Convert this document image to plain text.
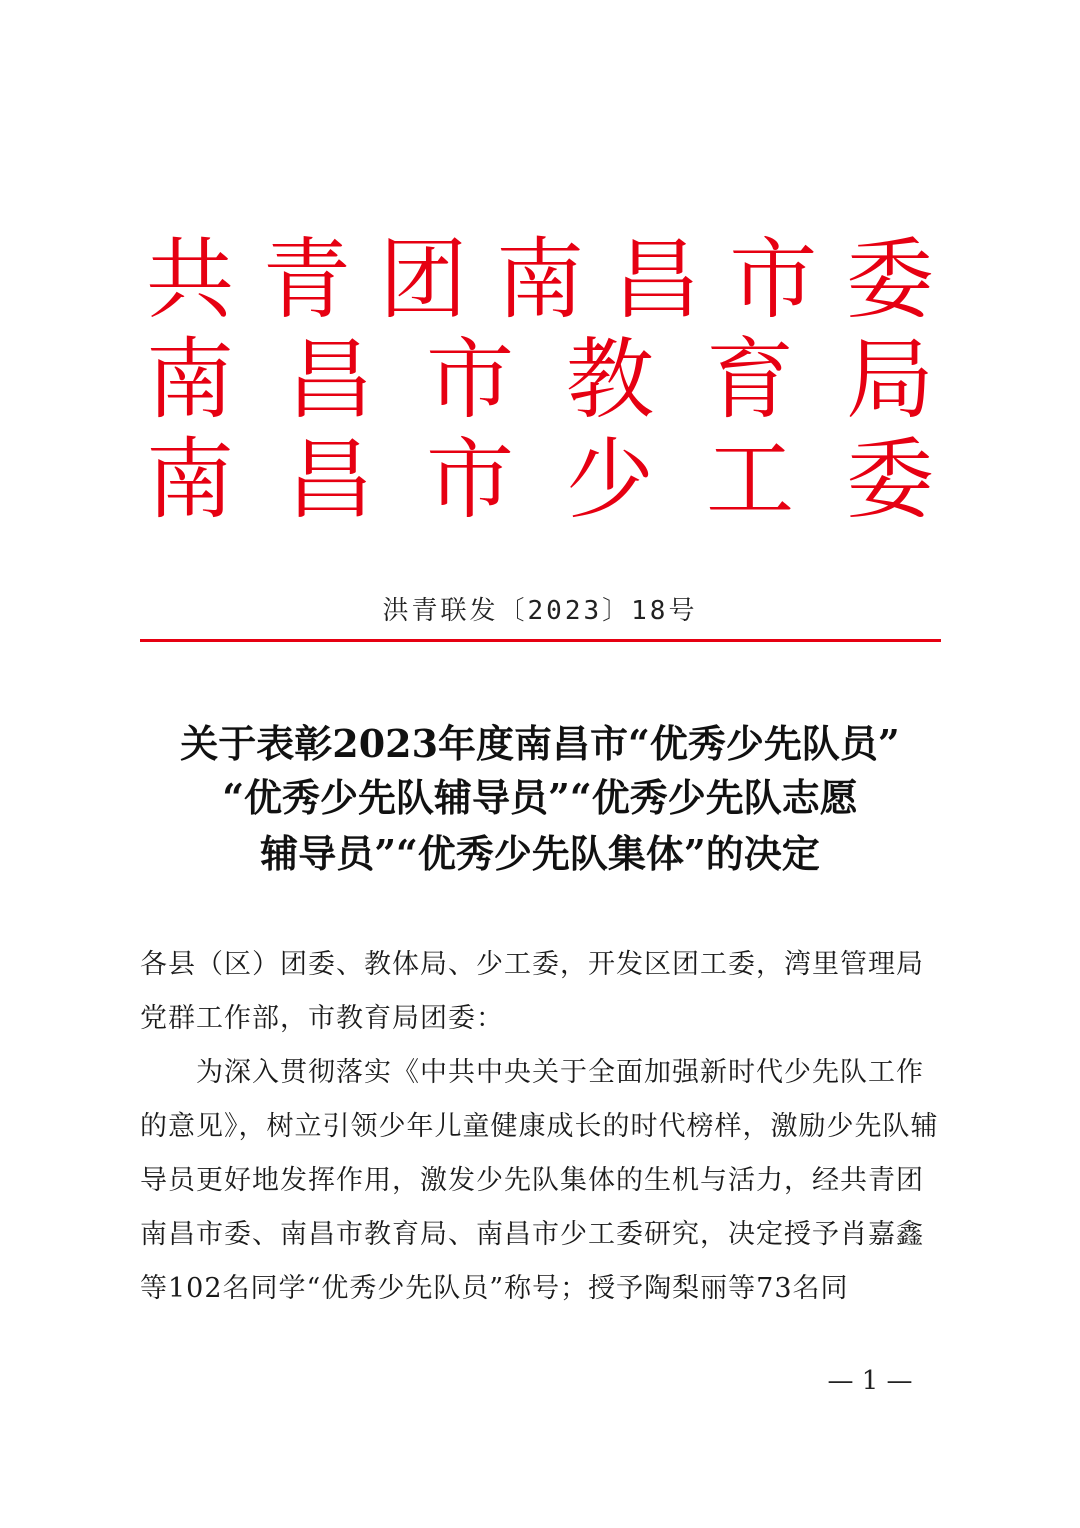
共 青 团 南 昌 市 委
南 昌 市 教 育 局
南 昌 市 少 工 委
洪青联发〔2023〕18号
关于表彰2023年度南昌市“优秀少先队员”
“优秀少先队辅导员”“优秀少先队志愿
辅导员”“优秀少先队集体”的决定
各县（区）团委、教体局、少工委，开发区团工委，湾里管理局党群工作部，市教育局团委：
为深入贯彻落实《中共中央关于全面加强新时代少先队工作的意见》，树立引领少年儿童健康成长的时代榜样，激励少先队辅导员更好地发挥作用，激发少先队集体的生机与活力，经共青团南昌市委、南昌市教育局、南昌市少工委研究，决定授予肖嘉鑫等102名同学“优秀少先队员”称号；授予陶梨丽等73名同
— 1 —
